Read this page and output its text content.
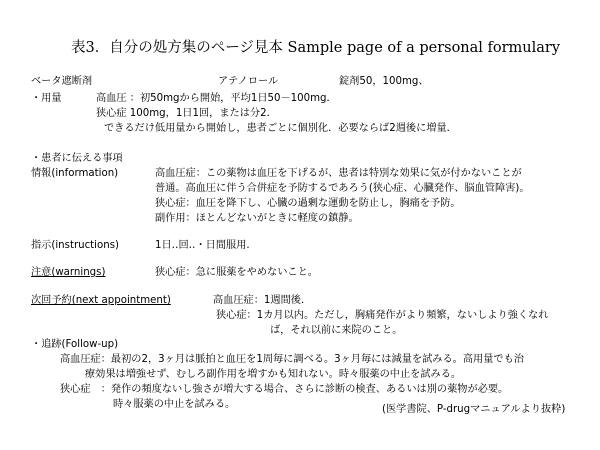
表3．自分の処方集のページ見本 Sample page of a personal formulary
ベータ遮断剤	アテノロール	錠剤50，100mg、
・用量	高血圧 ：初50mgから開始，平均1日50－100mg．
狭心症 100mg，1日1回，または分2．
できるだけ低用量から開始し，患者ごとに個別化．必要ならば2週後に増量．
・患者に伝える事項
情報(information)	高血圧症：この薬物は血圧を下げるが、患者は特別な効果に気が付かないことが
普通。高血圧に伴う合併症を予防するであろう(狭心症、心臓発作、脳血管障害)。
狭心症：血圧を降下し、心臓の過剰な運動を防止し，胸痛を予防。
副作用：ほとんどないがときに軽度の鎮静。
指示(instructions)	1日‥回‥・日間服用.
注意(warnings)	狭心症：急に服薬をやめないこと。
次回予約(next appointment)	高血圧症：1週間後．
狭心症：1カ月以内。ただし，胸痛発作がより頻繁，ないしより強くなれ
ば，それ以前に来院のこと。
・追跡(Follow-up)
高血圧症：最初の2，3ヶ月は脈拍と血圧を1周毎に調べる。3ヶ月毎には減量を試みる。高用量でも治
療効果は増強せず、むしろ副作用を増すかも知れない。時々服薬の中止を試みる。
狭心症　：発作の頻度ないし強さが増大する場合、さらに診断の検査、あるいは別の薬物が必要。
時々服薬の中止を試みる。	(医学書院、P-drugマニュアルより抜粋)
